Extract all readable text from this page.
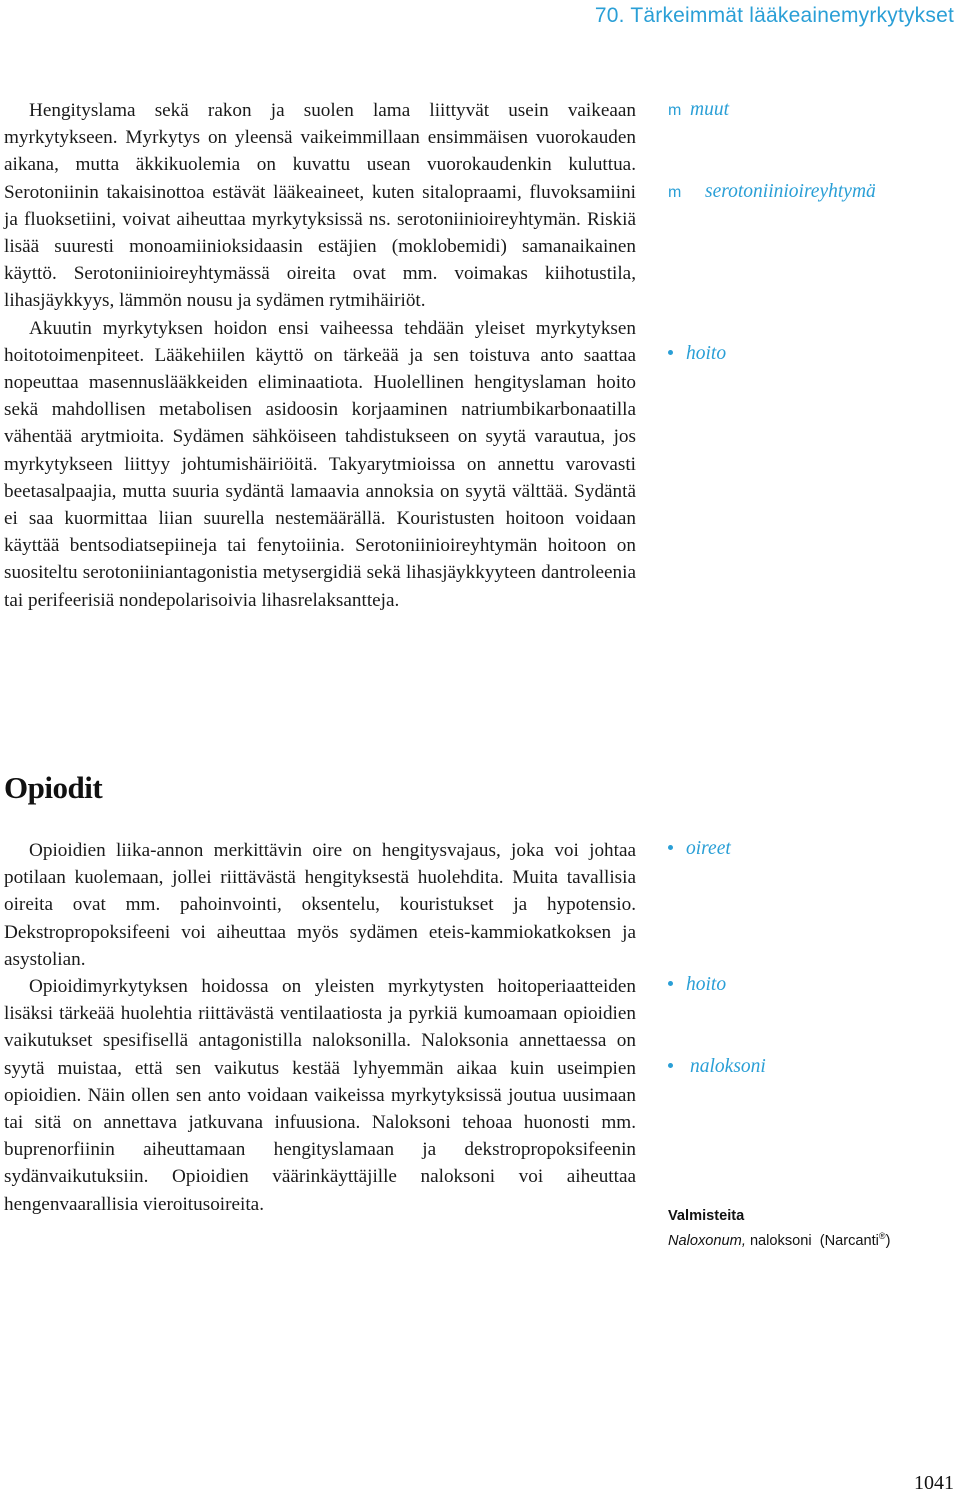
70. Tärkeimmät lääkeainemyrkytykset

Hengityslama sekä rakon ja suolen lama liittyvät usein vaikeaan myrkytykseen. Myrkytys on yleensä vaikeimmillaan ensimmäisen vuorokauden aikana, mutta äkkikuolemia on kuvattu usean vuorokaudenkin kuluttua. Serotoniinin takaisinottoa estävät lääkeaineet, kuten sitalopraami, fluvoksamiini ja fluoksetiini, voivat aiheuttaa myrkytyksissä ns. serotoniinioireyhtymän. Riskiä lisää suuresti monoamiinioksidaasin estäjien (moklobemidi) samanaikainen käyttö. Serotoniinioireyhtymässä oireita ovat mm. voimakas kiihotustila, lihasjäykkyys, lämmön nousu ja sydämen rytmihäiriöt.

Akuutin myrkytyksen hoidon ensi vaiheessa tehdään yleiset myrkytyksen hoitotoimenpiteet. Lääkehiilen käyttö on tärkeää ja sen toistuva anto saattaa nopeuttaa masennuslääkkeiden eliminaatiota. Huolellinen hengityslaman hoito sekä mahdollisen metabolisen asidoosin korjaaminen natriumbikarbonaatilla vähentää arytmioita. Sydämen sähköiseen tahdistukseen on syytä varautua, jos myrkytykseen liittyy johtumishäiriöitä. Takyarytmioissa on annettu varovasti beetasalpaajia, mutta suuria sydäntä lamaavia annoksia on syytä välttää. Sydäntä ei saa kuormittaa liian suurella nestemäärällä. Kouristusten hoitoon voidaan käyttää bentsodiatsepiineja tai fenytoiinia. Serotoniinioireyhtymän hoitoon on suositeltu serotoniiniantagonistia metysergidiä sekä lihasjäykkyyteen dantroleenia tai perifeerisiä nondepolarisoivia lihasrelaksantteja.

m muut
m serotoniinioireyhtymä
hoito
Opiodit

Opioidien liika-annon merkittävin oire on hengitysvajaus, joka voi johtaa potilaan kuolemaan, jollei riittävästä hengityksestä huolehdita. Muita tavallisia oireita ovat mm. pahoinvointi, oksentelu, kouristukset ja hypotensio. Dekstropropoksifeeni voi aiheuttaa myös sydämen eteis-kammiokatkoksen ja asystolian.

Opioidimyrkytyksen hoidossa on yleisten myrkytysten hoitoperiaatteiden lisäksi tärkeää huolehtia riittävästä ventilaatiosta ja pyrkiä kumoamaan opioidien vaikutukset spesifisellä antagonistilla naloksonilla. Naloksonia annettaessa on syytä muistaa, että sen vaikutus kestää lyhyemmän aikaa kuin useimpien opioidien. Näin ollen sen anto voidaan vaikeissa myrkytyksissä joutua uusimaan tai sitä on annettava jatkuvana infuusiona. Naloksoni tehoaa huonosti mm. buprenorfiinin aiheuttamaan hengityslamaan ja dekstropropoksifeenin sydänvaikutuksiin. Opioidien väärinkäyttäjille naloksoni voi aiheuttaa hengenvaarallisia vieroitusoireita.

oireet
hoito
naloksoni
Valmisteita
Naloxonum, naloksoni (Narcanti®)
1041
